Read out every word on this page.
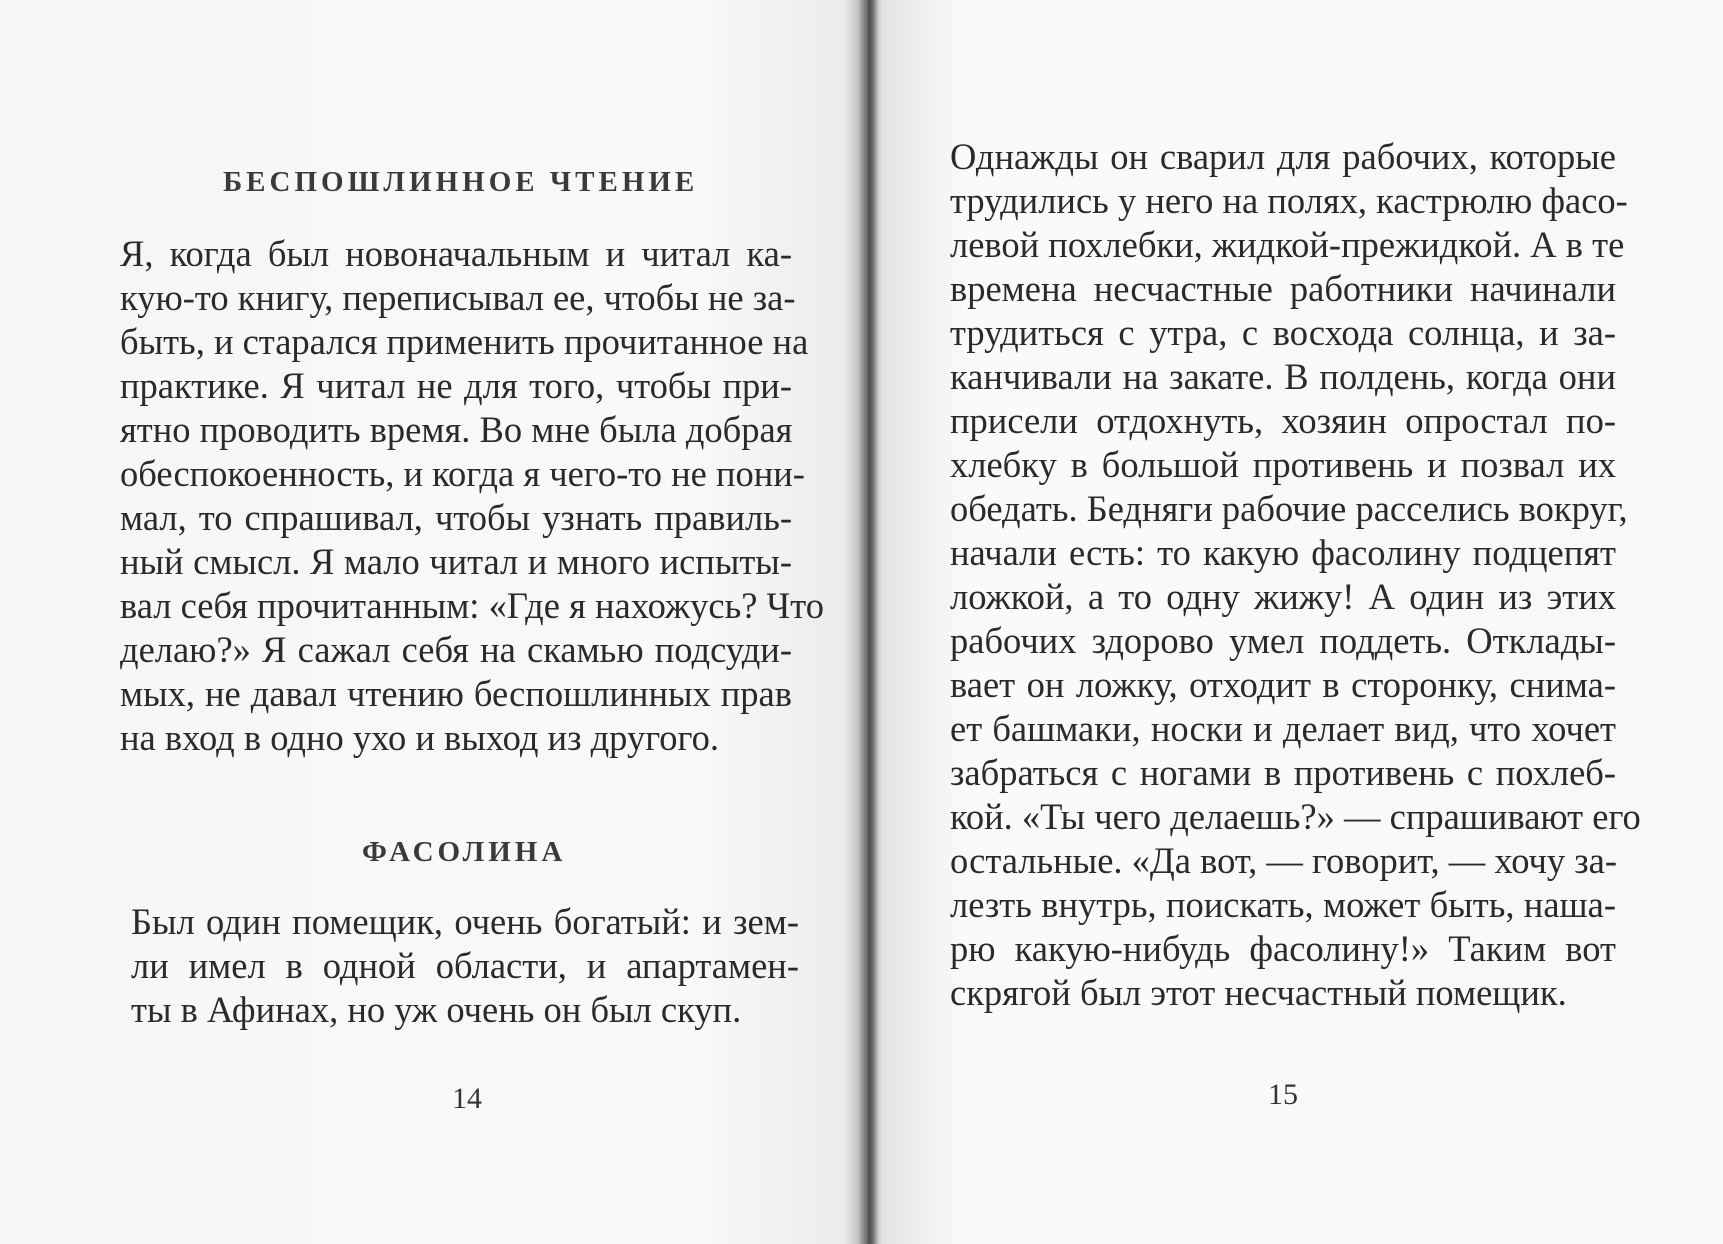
БЕСПОШЛИННОЕ ЧТЕНИЕ
Я, когда был новоначальным и читал ка-
кую-то книгу, переписывал ее, чтобы не за-
быть, и старался применить прочитанное на
практике. Я читал не для того, чтобы при-
ятно проводить время. Во мне была добрая
обеспокоенность, и когда я чего-то не пони-
мал, то спрашивал, чтобы узнать правиль-
ный смысл. Я мало читал и много испыты-
вал себя прочитанным: «Где я нахожусь? Что
делаю?» Я сажал себя на скамью подсуди-
мых, не давал чтению беспошлинных прав
на вход в одно ухо и выход из другого.
ФАСОЛИНА
Был один помещик, очень богатый: и зем-
ли имел в одной области, и апартамен-
ты в Афинах, но уж очень он был скуп.
14
Однажды он сварил для рабочих, которые
трудились у него на полях, кастрюлю фасо-
левой похлебки, жидкой-прежидкой. А в те
времена несчастные работники начинали
трудиться с утра, с восхода солнца, и за-
канчивали на закате. В полдень, когда они
присели отдохнуть, хозяин опростал по-
хлебку в большой противень и позвал их
обедать. Бедняги рабочие расселись вокруг,
начали есть: то какую фасолину подцепят
ложкой, а то одну жижу! А один из этих
рабочих здорово умел поддеть. Отклады-
вает он ложку, отходит в сторонку, снима-
ет башмаки, носки и делает вид, что хочет
забраться с ногами в противень с похлеб-
кой. «Ты чего делаешь?» — спрашивают его
остальные. «Да вот, — говорит, — хочу за-
лезть внутрь, поискать, может быть, наша-
рю какую-нибудь фасолину!» Таким вот
скрягой был этот несчастный помещик.
15
